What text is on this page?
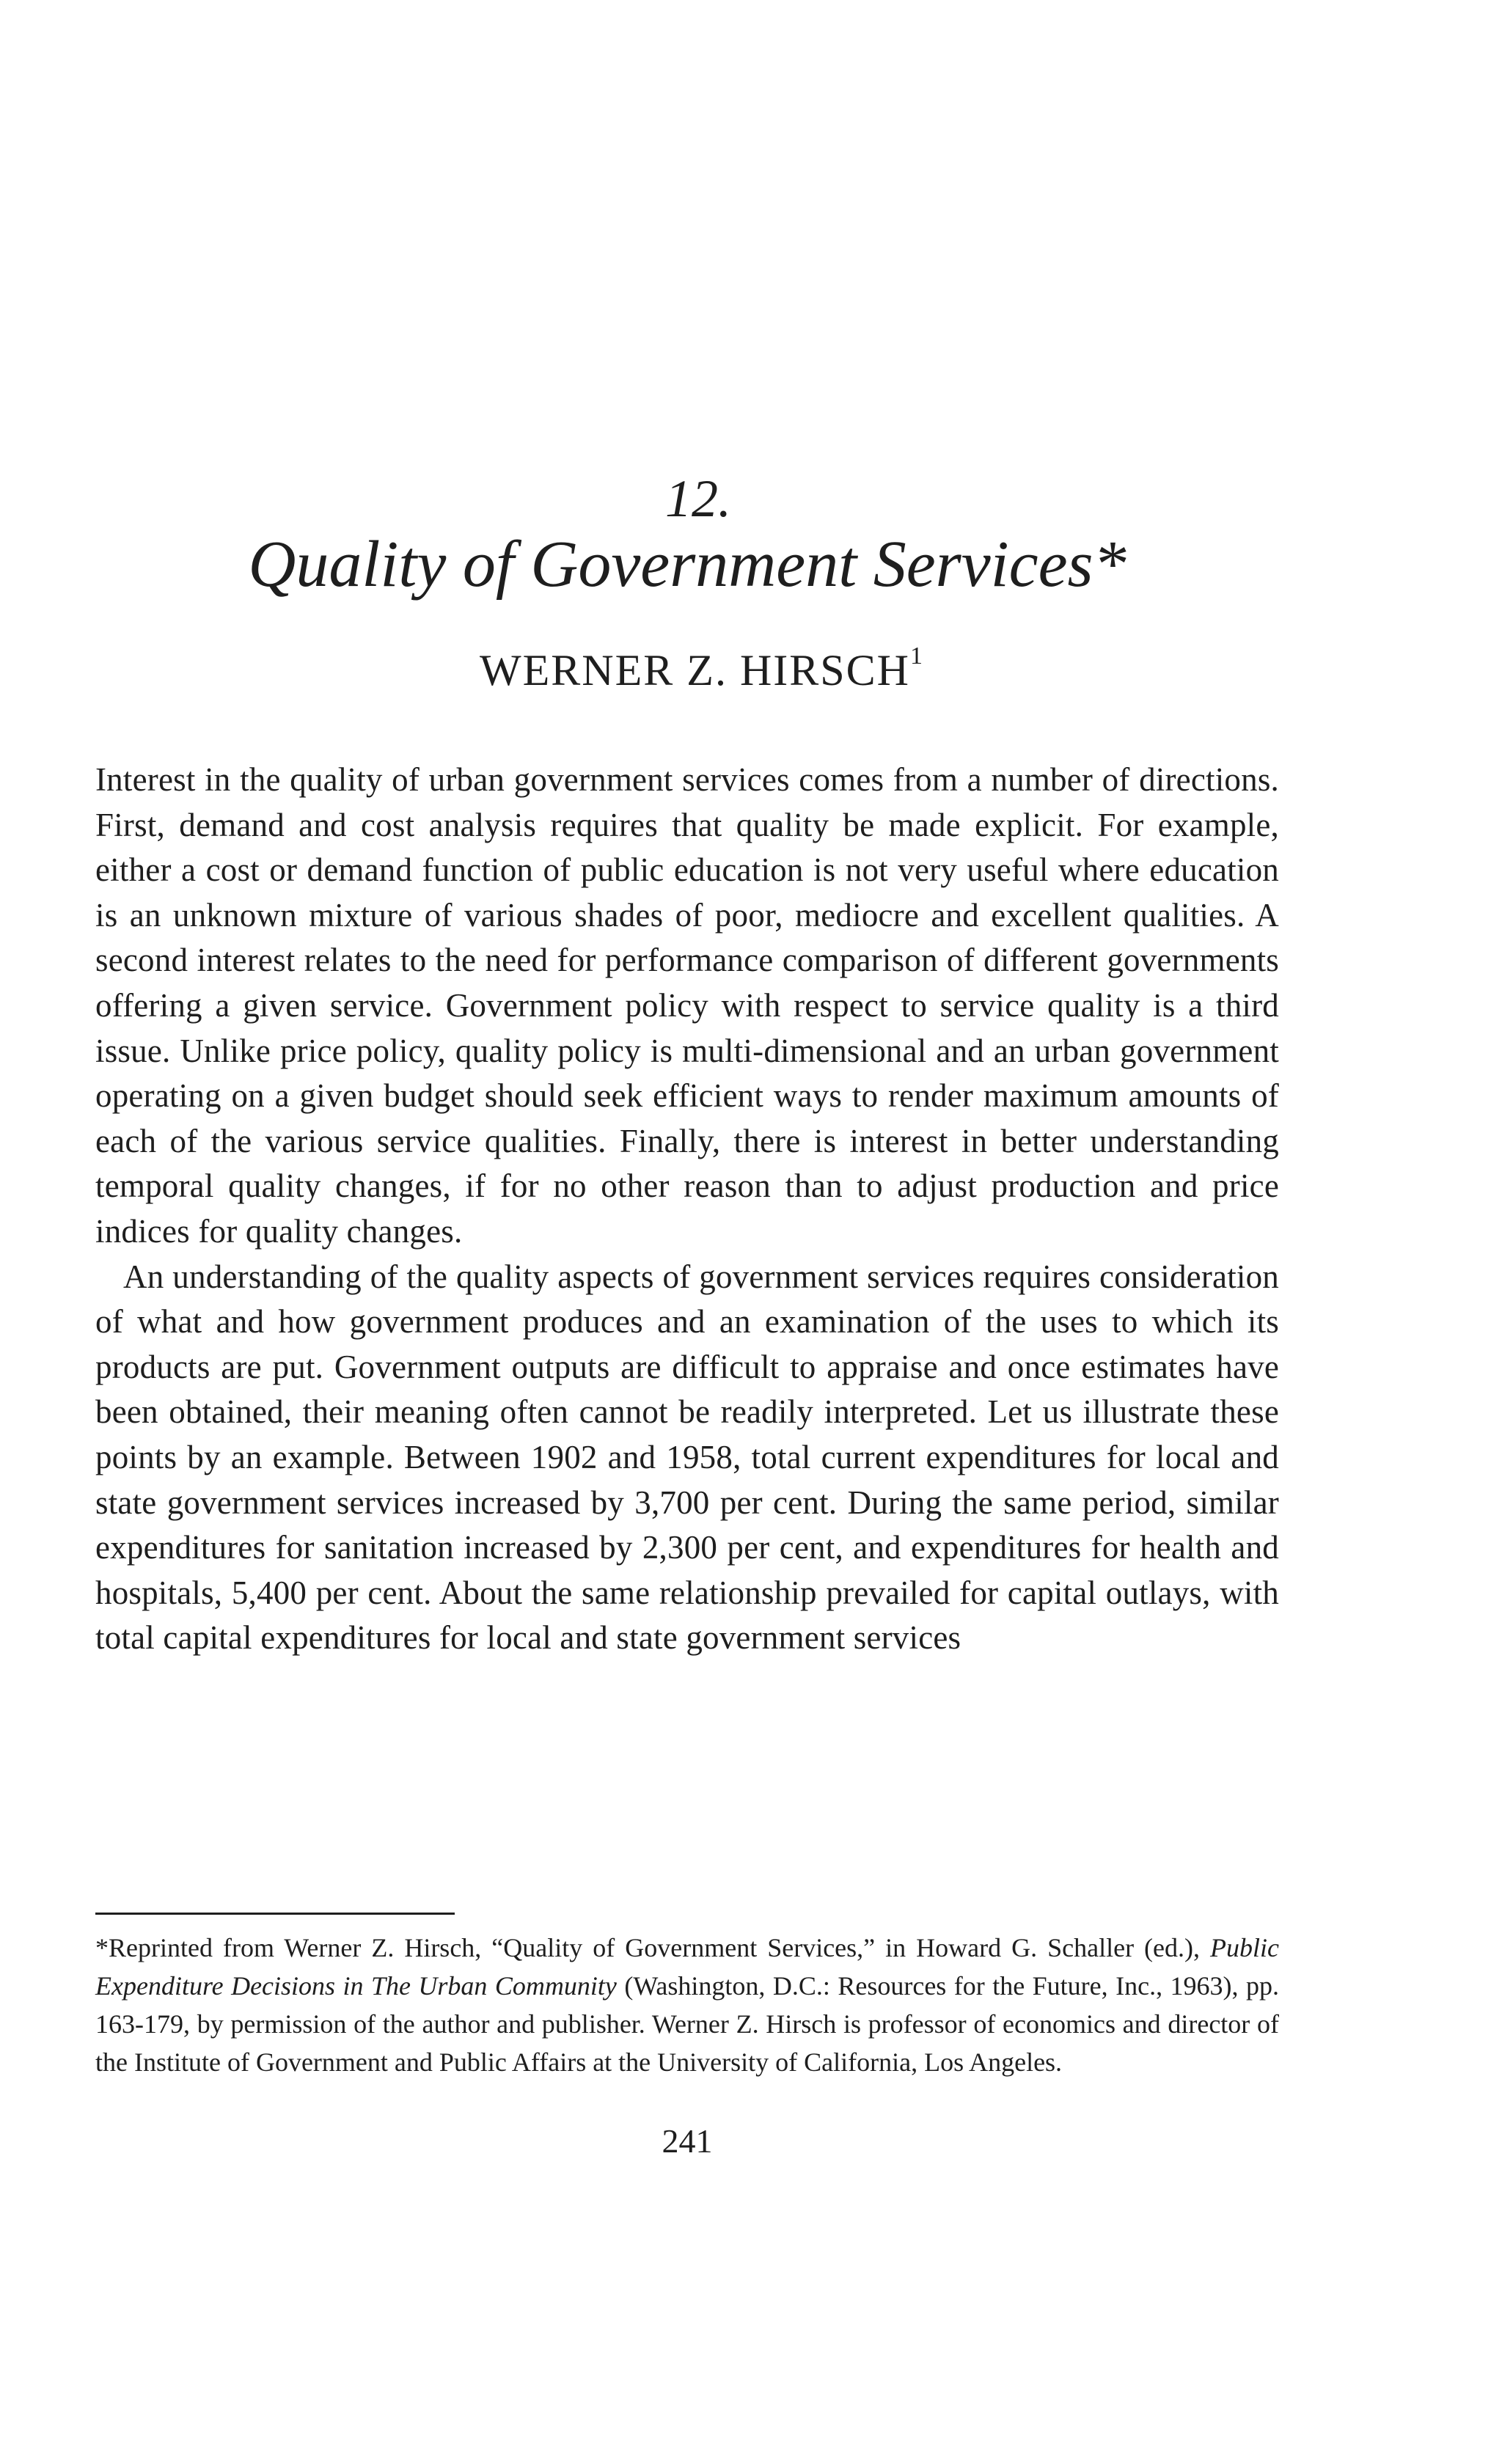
12.
Quality of Government Services*
WERNER Z. HIRSCH$^1$

Interest in the quality of urban government services comes from a number of directions. First, demand and cost analysis requires that quality be made explicit. For example, either a cost or demand function of public education is not very useful where education is an unknown mixture of various shades of poor, mediocre and excellent qualities. A second interest relates to the need for performance comparison of different governments offering a given service. Government policy with respect to service quality is a third issue. Unlike price policy, quality policy is multi-dimensional and an urban government operating on a given budget should seek efficient ways to render maximum amounts of each of the various service qualities. Finally, there is interest in better understanding temporal quality changes, if for no other reason than to adjust production and price indices for quality changes.

An understanding of the quality aspects of government services requires consideration of what and how government produces and an examination of the uses to which its products are put. Government outputs are difficult to appraise and once estimates have been obtained, their meaning often cannot be readily interpreted. Let us illustrate these points by an example. Between 1902 and 1958, total current expenditures for local and state government services increased by 3,700 per cent. During the same period, similar expenditures for sanitation increased by 2,300 per cent, and expenditures for health and hospitals, 5,400 per cent. About the same relationship prevailed for capital outlays, with total capital expenditures for local and state government services

*Reprinted from Werner Z. Hirsch, “Quality of Government Services,” in Howard G. Schaller (ed.), Public Expenditure Decisions in The Urban Community (Washington, D.C.: Resources for the Future, Inc., 1963), pp. 163-179, by permission of the author and publisher. Werner Z. Hirsch is professor of economics and director of the Institute of Government and Public Affairs at the University of California, Los Angeles.

241
